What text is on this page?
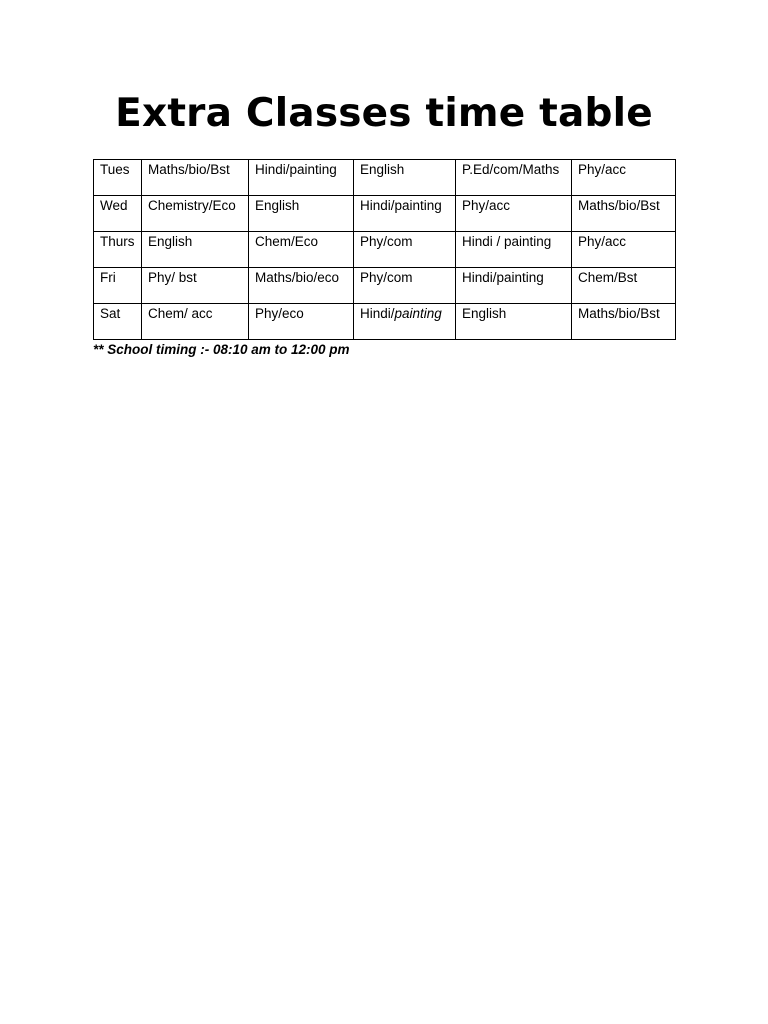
Extra Classes time table
Tues	Maths/bio/Bst	Hindi/painting	English	P.Ed/com/Maths	Phy/acc
Wed	Chemistry/Eco	English	Hindi/painting	Phy/acc	Maths/bio/Bst
Thurs	English	Chem/Eco	Phy/com	Hindi / painting	Phy/acc
Fri	Phy/ bst	Maths/bio/eco	Phy/com	Hindi/painting	Chem/Bst
Sat	Chem/ acc	Phy/eco	Hindi/painting	English	Maths/bio/Bst

** School timing :- 08:10 am to 12:00 pm
